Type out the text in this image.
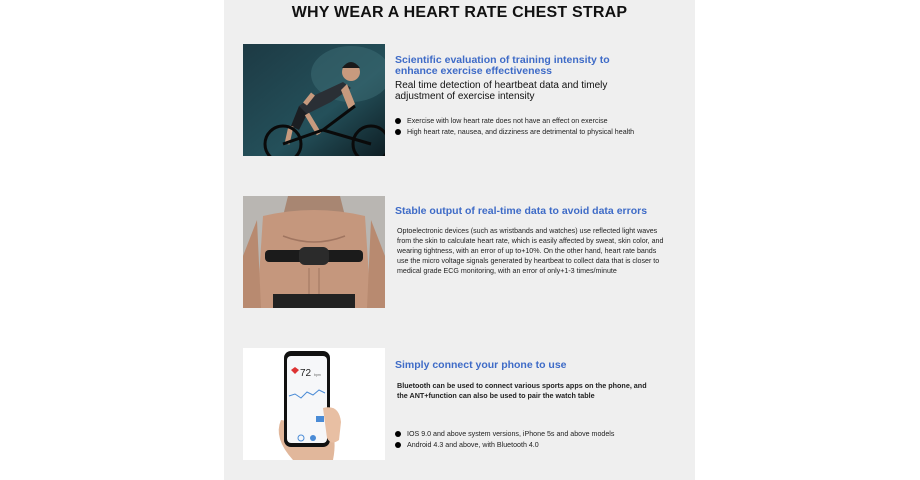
WHY WEAR A HEART RATE CHEST STRAP
Scientific evaluation of training intensity to enhance exercise effectiveness
Real time detection of heartbeat data and timely adjustment of exercise intensity
Exercise with low heart rate does not have an effect on exercise
High heart rate, nausea, and dizziness are detrimental to physical health
Stable output of real-time data to avoid data errors
Optoelectronic devices (such as wristbands and watches) use reflected light waves from the skin to calculate heart rate, which is easily affected by sweat, skin color, and wearing tightness, with an error of up to+10%. On the other hand, heart rate bands use the micro voltage signals generated by heartbeat to collect data that is closer to medical grade ECG monitoring, with an error of only+1-3 times/minute
72 bpm
Simply connect your phone to use
Bluetooth can be used to connect various sports apps on the phone, and the ANT+function can also be used to pair the watch table
IOS 9.0 and above system versions, iPhone 5s and above models
Android 4.3 and above, with Bluetooth 4.0
